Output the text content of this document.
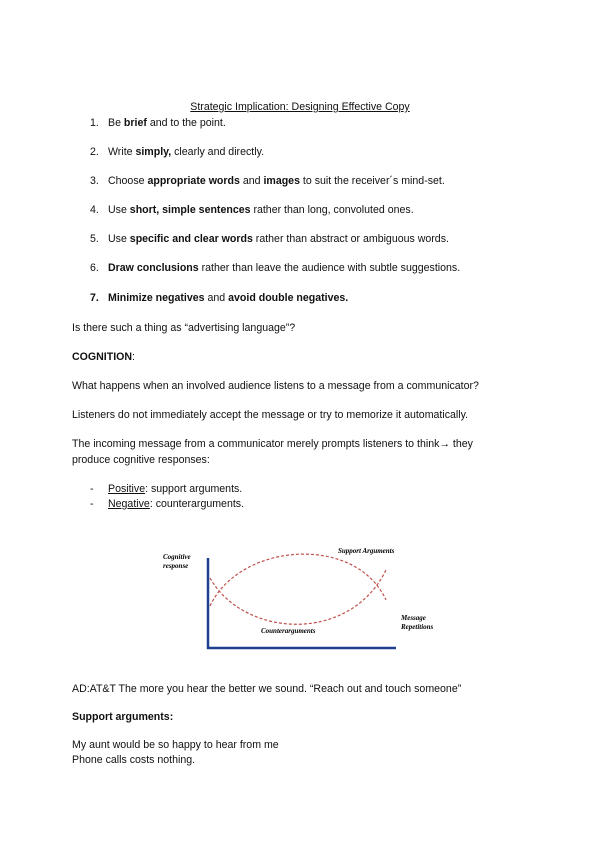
Strategic Implication: Designing Effective Copy
1. Be brief and to the point.
2. Write simply, clearly and directly.
3. Choose appropriate words and images to suit the receiver´s mind-set.
4. Use short, simple sentences rather than long, convoluted ones.
5. Use specific and clear words rather than abstract or ambiguous words.
6. Draw conclusions rather than leave the audience with subtle suggestions.
7. Minimize negatives and avoid double negatives.
Is there such a thing as “advertising language”?
COGNITION:
What happens when an involved audience listens to a message from a communicator?
Listeners do not immediately accept the message or try to memorize it automatically.
The incoming message from a communicator merely prompts listeners to think→ they
produce cognitive responses:
- Positive: support arguments.
- Negative: counterarguments.
Cognitive
response
Support Arguments
Counterarguments
Message
Repetitions
AD:AT&T The more you hear the better we sound. “Reach out and touch someone”
Support arguments:
My aunt would be so happy to hear from me
Phone calls costs nothing.
